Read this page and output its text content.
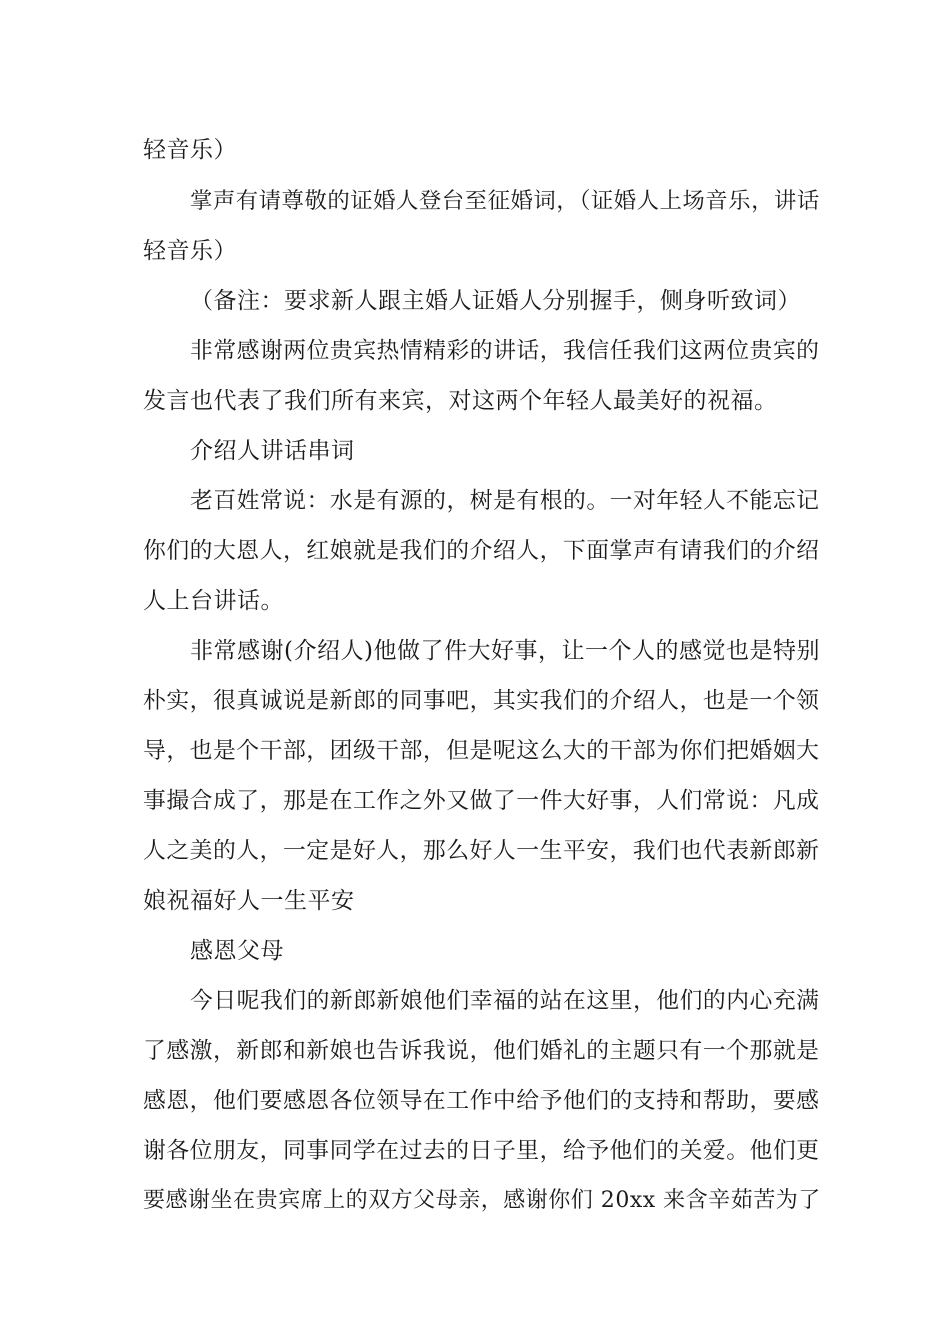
轻音乐）
掌声有请尊敬的证婚人登台至征婚词，（证婚人上场音乐，讲话
轻音乐）
（备注：要求新人跟主婚人证婚人分别握手，侧身听致词）
非常感谢两位贵宾热情精彩的讲话，我信任我们这两位贵宾的
发言也代表了我们所有来宾，对这两个年轻人最美好的祝福。
介绍人讲话串词
老百姓常说：水是有源的，树是有根的。一对年轻人不能忘记
你们的大恩人，红娘就是我们的介绍人，下面掌声有请我们的介绍
人上台讲话。
非常感谢(介绍人)他做了件大好事，让一个人的感觉也是特别
朴实，很真诚说是新郎的同事吧，其实我们的介绍人，也是一个领
导，也是个干部，团级干部，但是呢这么大的干部为你们把婚姻大
事撮合成了，那是在工作之外又做了一件大好事，人们常说：凡成
人之美的人，一定是好人，那么好人一生平安，我们也代表新郎新
娘祝福好人一生平安
感恩父母
今日呢我们的新郎新娘他们幸福的站在这里，他们的内心充满
了感激，新郎和新娘也告诉我说，他们婚礼的主题只有一个那就是
感恩，他们要感恩各位领导在工作中给予他们的支持和帮助，要感
谢各位朋友，同事同学在过去的日子里，给予他们的关爱。他们更
要感谢坐在贵宾席上的双方父母亲，感谢你们 20xx 来含辛茹苦为了
